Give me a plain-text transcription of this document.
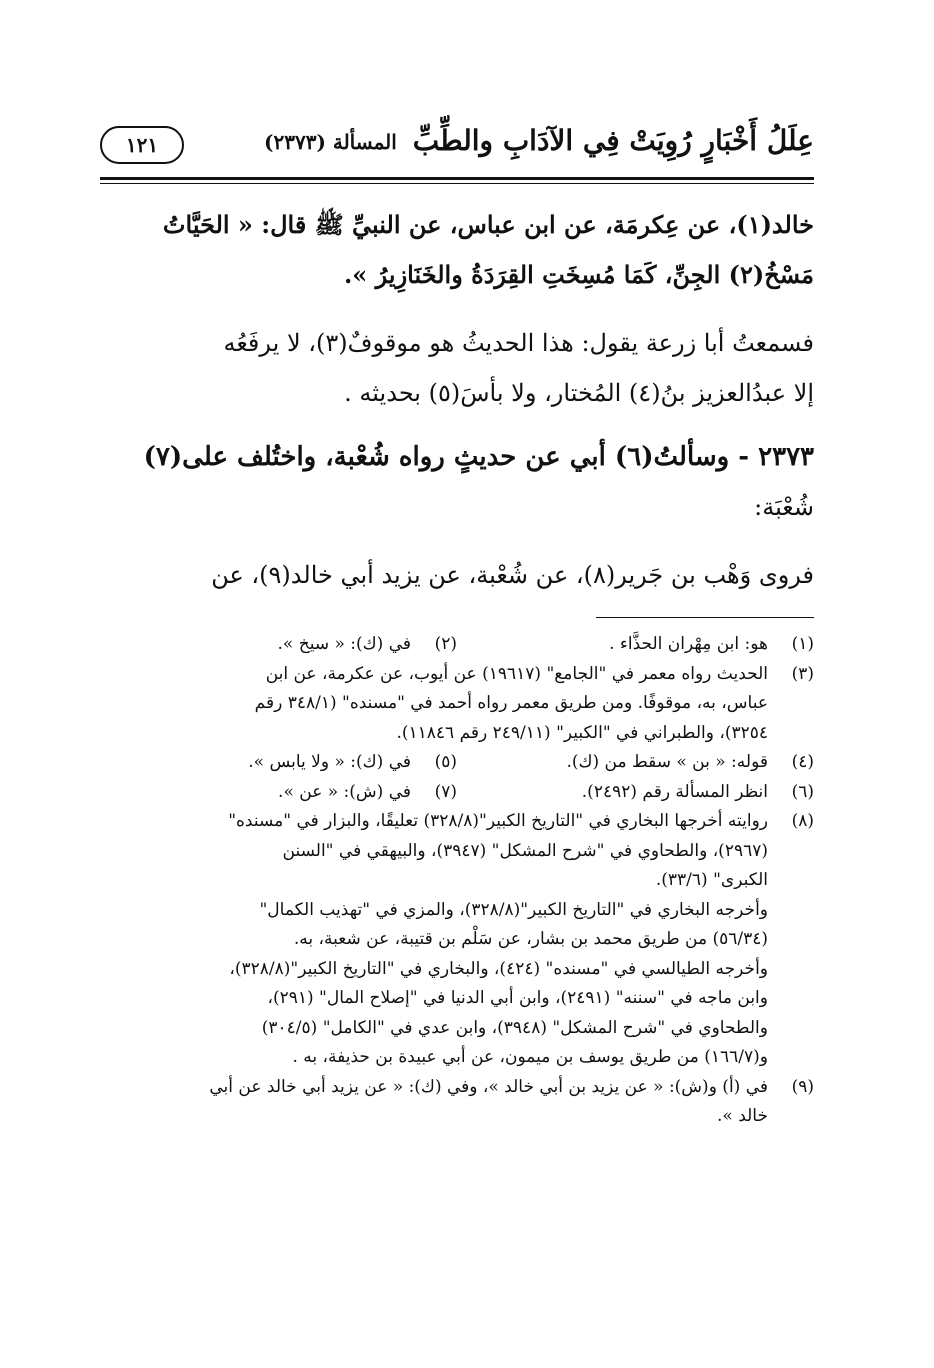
عِلَلُ أَخْبَارٍ رُوِيَتْ فِي الآدَابِ والطِّبِّ
المسألة (٢٣٧٣)
١٢١
خالد(١)، عن عِكرمَة، عن ابن عباس، عن النبيِّ ﷺ قال: « الحَيَّاتُ
مَسْخُ(٢) الجِنِّ، كَمَا مُسِخَتِ القِرَدَةُ والخَنَازِيرُ ».
فسمعتُ أبا زرعة يقول: هذا الحديثُ هو موقوفٌ(٣)، لا يرفَعُه
إلا عبدُالعزيز بنُ(٤) المُختار، ولا بأسَ(٥) بحديثه .
٢٣٧٣ - وسألتُ(٦) أبي عن حديثٍ رواه شُعْبة، واختُلف على(٧)
شُعْبَة:
فروى وَهْب بن جَرير(٨)، عن شُعْبة، عن يزيد أبي خالد(٩)، عن
(١)هو: ابن مِهْران الحذَّاء .
(٢)في (ك): « سيخ ».
(٣)الحديث رواه معمر في "الجامع" (١٩٦١٧) عن أيوب، عن عكرمة، عن ابن
عباس، به، موقوفًا. ومن طريق معمر رواه أحمد في "مسنده" (٣٤٨/١ رقم
٣٢٥٤)، والطبراني في "الكبير" (٢٤٩/١١ رقم ١١٨٤٦).
(٤)قوله: « بن » سقط من (ك).
(٥)في (ك): « ولا يابس ».
(٦)انظر المسألة رقم (٢٤٩٢).
(٧)في (ش): « عن ».
(٨)روايته أخرجها البخاري في "التاريخ الكبير"(٣٢٨/٨) تعليقًا، والبزار في "مسنده"
(٢٩٦٧)، والطحاوي في "شرح المشكل" (٣٩٤٧)، والبيهقي في "السنن
الكبرى" (٣٣/٦).
وأخرجه البخاري في "التاريخ الكبير"(٣٢٨/٨)، والمزي في "تهذيب الكمال"
(٥٦/٣٤) من طريق محمد بن بشار، عن سَلْم بن قتيبة، عن شعبة، به.
وأخرجه الطيالسي في "مسنده" (٤٢٤)، والبخاري في "التاريخ الكبير"(٣٢٨/٨)،
وابن ماجه في "سننه" (٢٤٩١)، وابن أبي الدنيا في "إصلاح المال" (٢٩١)،
والطحاوي في "شرح المشكل" (٣٩٤٨)، وابن عدي في "الكامل" (٣٠٤/٥)
و(١٦٦/٧) من طريق يوسف بن ميمون، عن أبي عبيدة بن حذيفة، به .
(٩)في (أ) و(ش): « عن يزيد بن أبي خالد »، وفي (ك): « عن يزيد أبي خالد عن أبي
خالد ».
